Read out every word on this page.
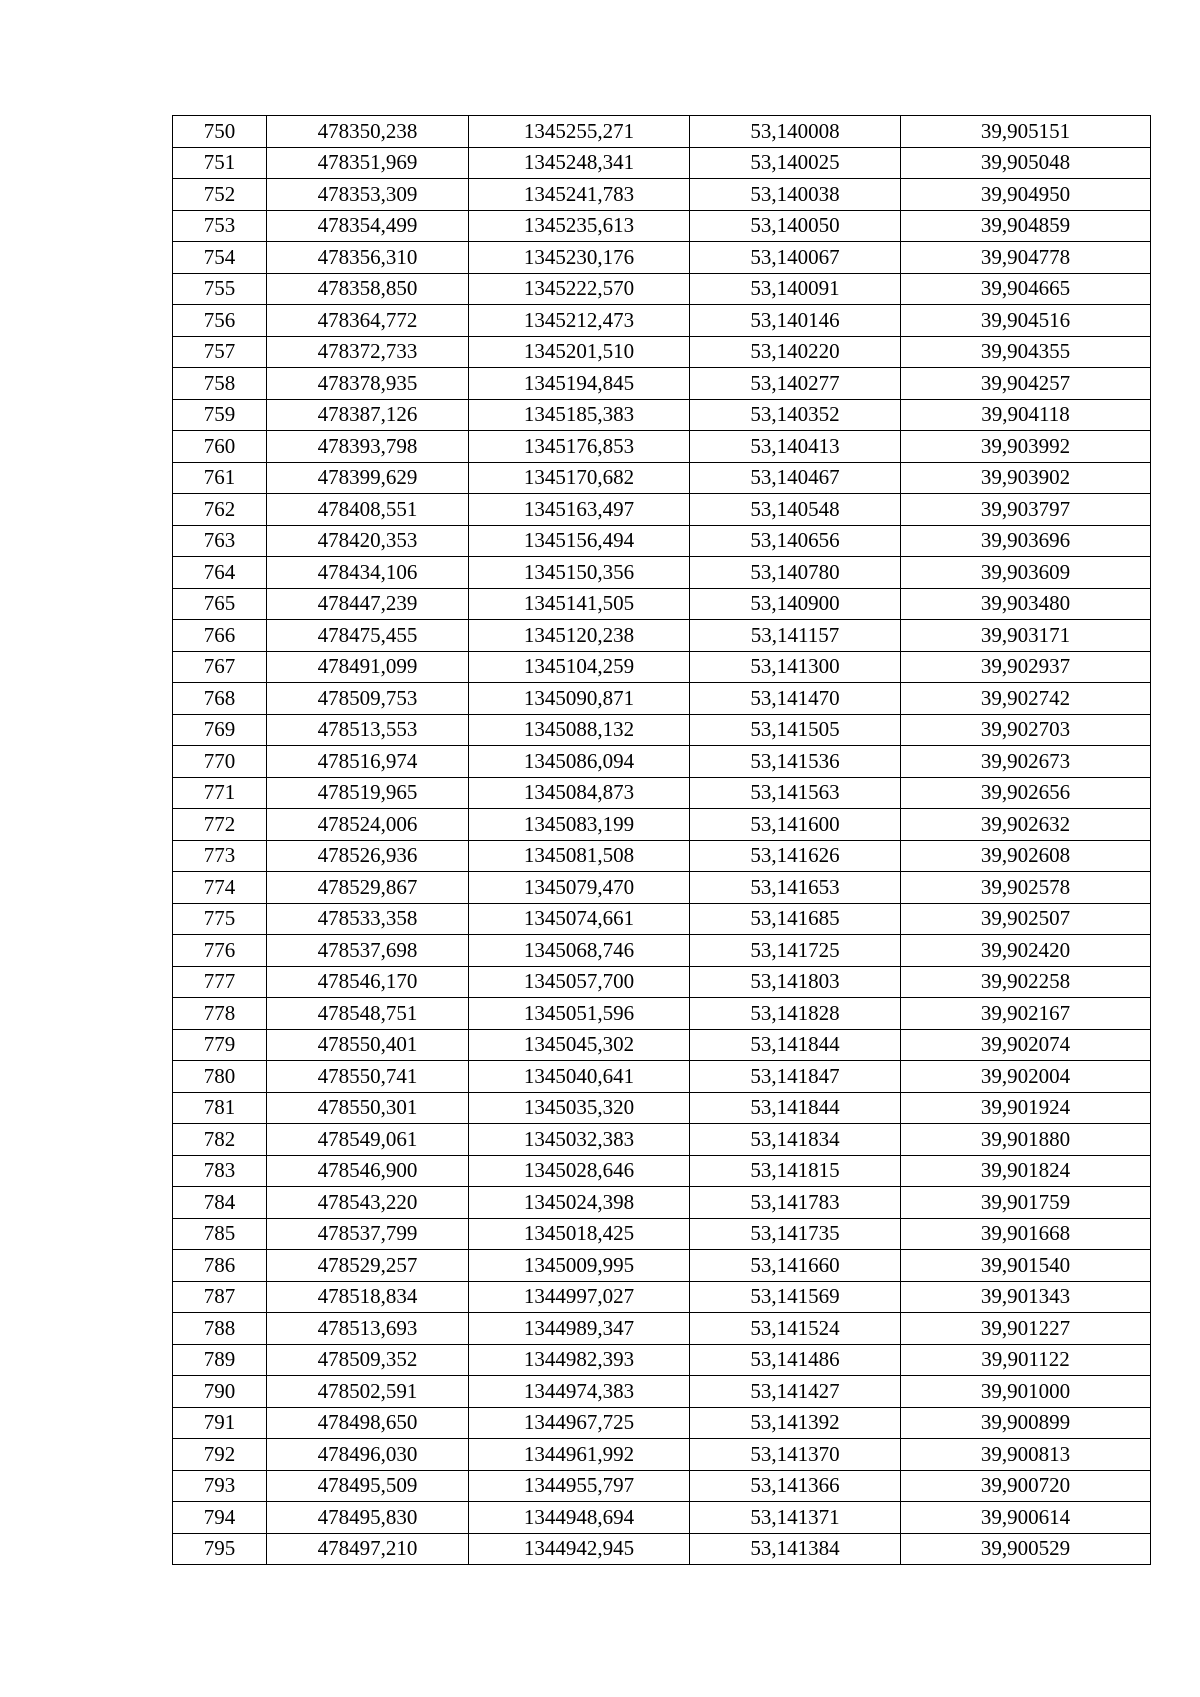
750	478350,238	1345255,271	53,140008	39,905151
751	478351,969	1345248,341	53,140025	39,905048
752	478353,309	1345241,783	53,140038	39,904950
753	478354,499	1345235,613	53,140050	39,904859
754	478356,310	1345230,176	53,140067	39,904778
755	478358,850	1345222,570	53,140091	39,904665
756	478364,772	1345212,473	53,140146	39,904516
757	478372,733	1345201,510	53,140220	39,904355
758	478378,935	1345194,845	53,140277	39,904257
759	478387,126	1345185,383	53,140352	39,904118
760	478393,798	1345176,853	53,140413	39,903992
761	478399,629	1345170,682	53,140467	39,903902
762	478408,551	1345163,497	53,140548	39,903797
763	478420,353	1345156,494	53,140656	39,903696
764	478434,106	1345150,356	53,140780	39,903609
765	478447,239	1345141,505	53,140900	39,903480
766	478475,455	1345120,238	53,141157	39,903171
767	478491,099	1345104,259	53,141300	39,902937
768	478509,753	1345090,871	53,141470	39,902742
769	478513,553	1345088,132	53,141505	39,902703
770	478516,974	1345086,094	53,141536	39,902673
771	478519,965	1345084,873	53,141563	39,902656
772	478524,006	1345083,199	53,141600	39,902632
773	478526,936	1345081,508	53,141626	39,902608
774	478529,867	1345079,470	53,141653	39,902578
775	478533,358	1345074,661	53,141685	39,902507
776	478537,698	1345068,746	53,141725	39,902420
777	478546,170	1345057,700	53,141803	39,902258
778	478548,751	1345051,596	53,141828	39,902167
779	478550,401	1345045,302	53,141844	39,902074
780	478550,741	1345040,641	53,141847	39,902004
781	478550,301	1345035,320	53,141844	39,901924
782	478549,061	1345032,383	53,141834	39,901880
783	478546,900	1345028,646	53,141815	39,901824
784	478543,220	1345024,398	53,141783	39,901759
785	478537,799	1345018,425	53,141735	39,901668
786	478529,257	1345009,995	53,141660	39,901540
787	478518,834	1344997,027	53,141569	39,901343
788	478513,693	1344989,347	53,141524	39,901227
789	478509,352	1344982,393	53,141486	39,901122
790	478502,591	1344974,383	53,141427	39,901000
791	478498,650	1344967,725	53,141392	39,900899
792	478496,030	1344961,992	53,141370	39,900813
793	478495,509	1344955,797	53,141366	39,900720
794	478495,830	1344948,694	53,141371	39,900614
795	478497,210	1344942,945	53,141384	39,900529
